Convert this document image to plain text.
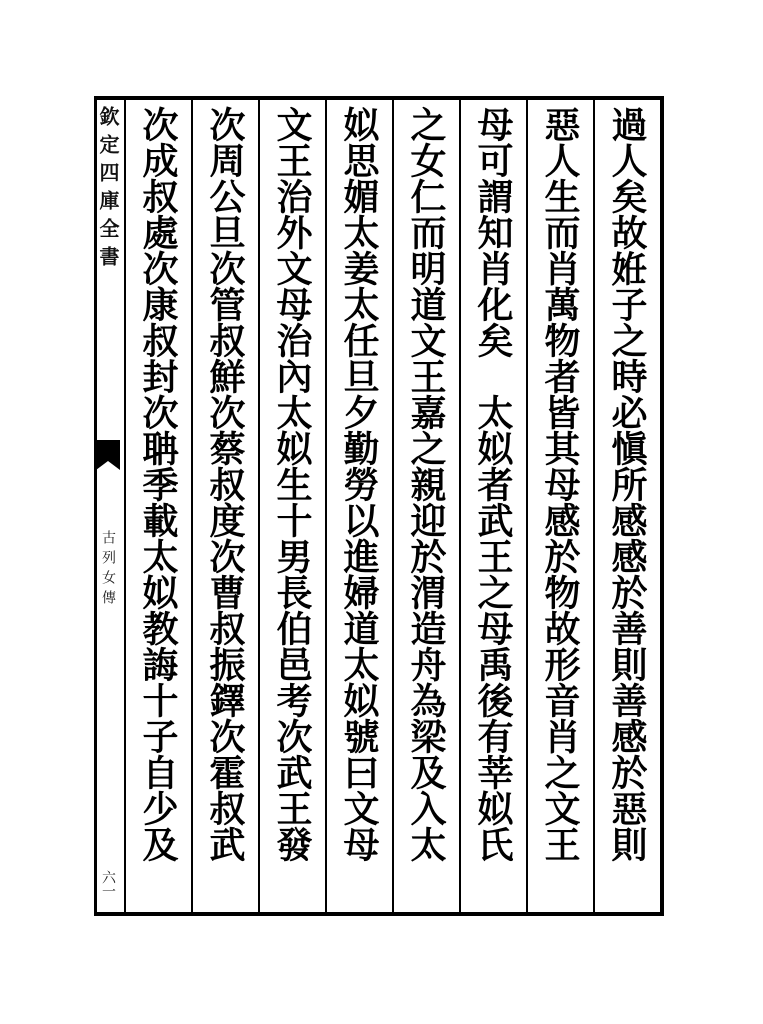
欽定四庫全書
古列女傳
六一
過人矣故姙子之時必愼所感感於善則善感於惡則
惡人生而肖萬物者皆其母感於物故形音肖之文王
母可謂知肖化矣　太姒者武王之母禹後有莘姒氏
之女仁而明道文王嘉之親迎於渭造舟為梁及入太
姒思媚太姜太任旦夕勤勞以進婦道太姒號曰文母
文王治外文母治內太姒生十男長伯邑考次武王發
次周公旦次管叔鮮次蔡叔度次曹叔振鐸次霍叔武
次成叔處次康叔封次聃季載太姒教誨十子自少及
